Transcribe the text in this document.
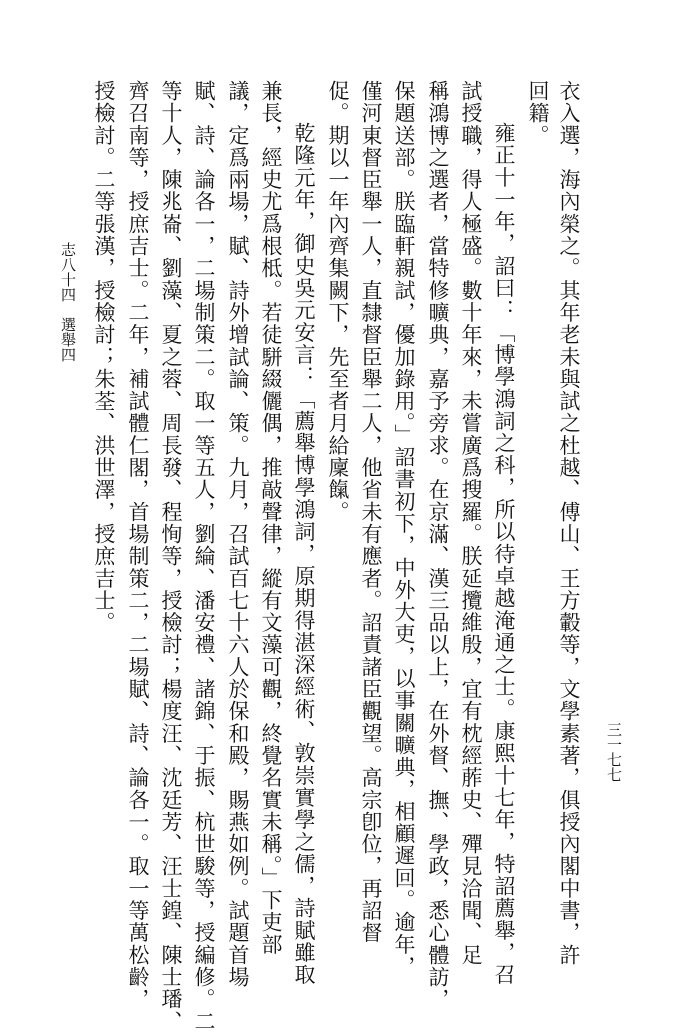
衣入選，海內榮之。其年老未與試之杜越、傅山、王方轂等，文學素著，俱授內閣中書，許
回籍。
雍正十一年，詔曰：「博學鴻詞之科，所以待卓越淹通之士。康熙十七年，特詔薦舉，召
試授職，得人極盛。數十年來，未嘗廣爲搜羅。朕延攬維殷，宜有枕經葄史、殫見洽聞、足
稱鴻博之選者，當特修曠典，嘉予旁求。在京滿、漢三品以上，在外督、撫、學政，悉心體訪，
保題送部。朕臨軒親試，優加錄用。」詔書初下，中外大吏，以事關曠典，相顧遲回。逾年，
僅河東督臣舉一人，直隸督臣舉二人，他省未有應者。詔責諸臣觀望。高宗卽位，再詔督
促。期以一年內齊集闕下，先至者月給廩餼。
乾隆元年，御史吳元安言：「薦舉博學鴻詞，原期得湛深經術、敦崇實學之儒，詩賦雖取
兼長，經史尤爲根柢。若徒駢綴儷偶，推敲聲律，縱有文藻可觀，終覺名實未稱。」下吏部
議，定爲兩場，賦、詩外增試論、策。九月，召試百七十六人於保和殿，賜燕如例。試題首場
賦、詩、論各一，二場制策二。取一等五人，劉綸、潘安禮、諸錦、于振、杭世駿等，授編修。二
等十人，陳兆崙、劉藻、夏之蓉、周長發、程恂等，授檢討；楊度汪、沈廷芳、汪士鍠、陳士璠、
齊召南等，授庶吉士。二年，補試體仁閣，首場制策二，二場賦、詩、論各一。取一等萬松齡，
授檢討。二等張漢，授檢討；朱荃、洪世澤，授庶吉士。
志八十四　選舉四
三一七七
